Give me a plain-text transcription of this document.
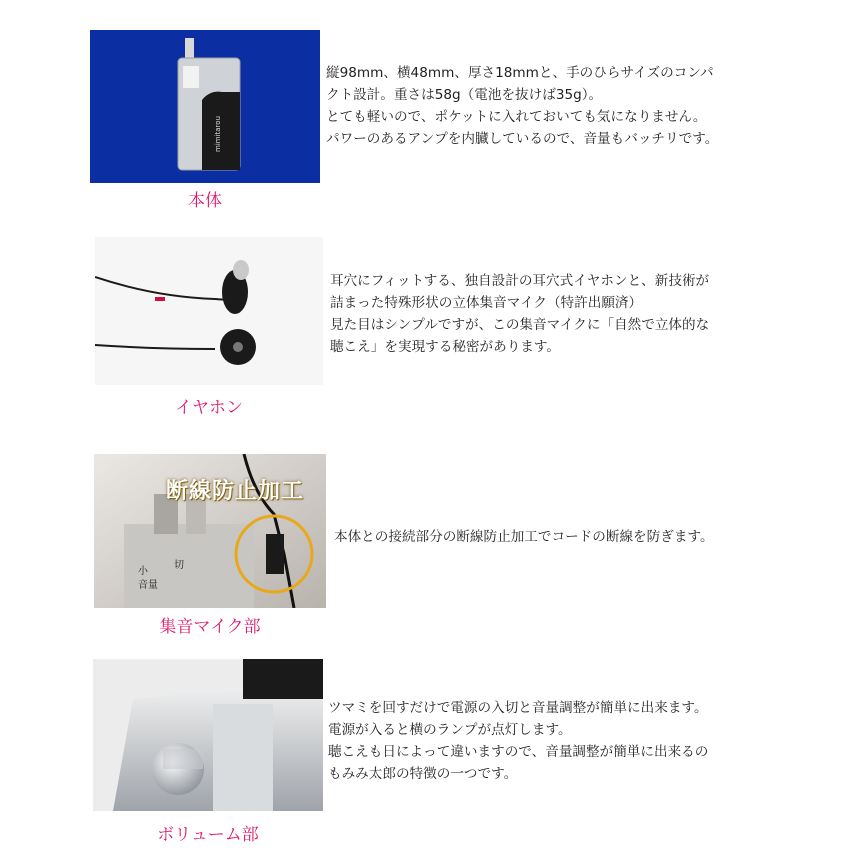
mimitarou
本体

縦98mm、横48mm、厚さ18mmと、手のひらサイズのコンパ

クト設計。重さは58g（電池を抜けば35g）。

とても軽いので、ポケットに入れておいても気になりません。

パワーのあるアンプを内臓しているので、音量もバッチリです。

イヤホン

耳穴にフィットする、独自設計の耳穴式イヤホンと、新技術が

詰まった特殊形状の立体集音マイク（特許出願済）

見た目はシンプルですが、この集音マイクに「自然で立体的な

聴こえ」を実現する秘密があります。

断線防止加工
小
切
音量
集音マイク部

本体との接続部分の断線防止加工でコードの断線を防ぎます。

ボリューム部

ツマミを回すだけで電源の入切と音量調整が簡単に出来ます。

電源が入ると横のランプが点灯します。

聴こえも日によって違いますので、音量調整が簡単に出来るの

もみみ太郎の特徴の一つです。
